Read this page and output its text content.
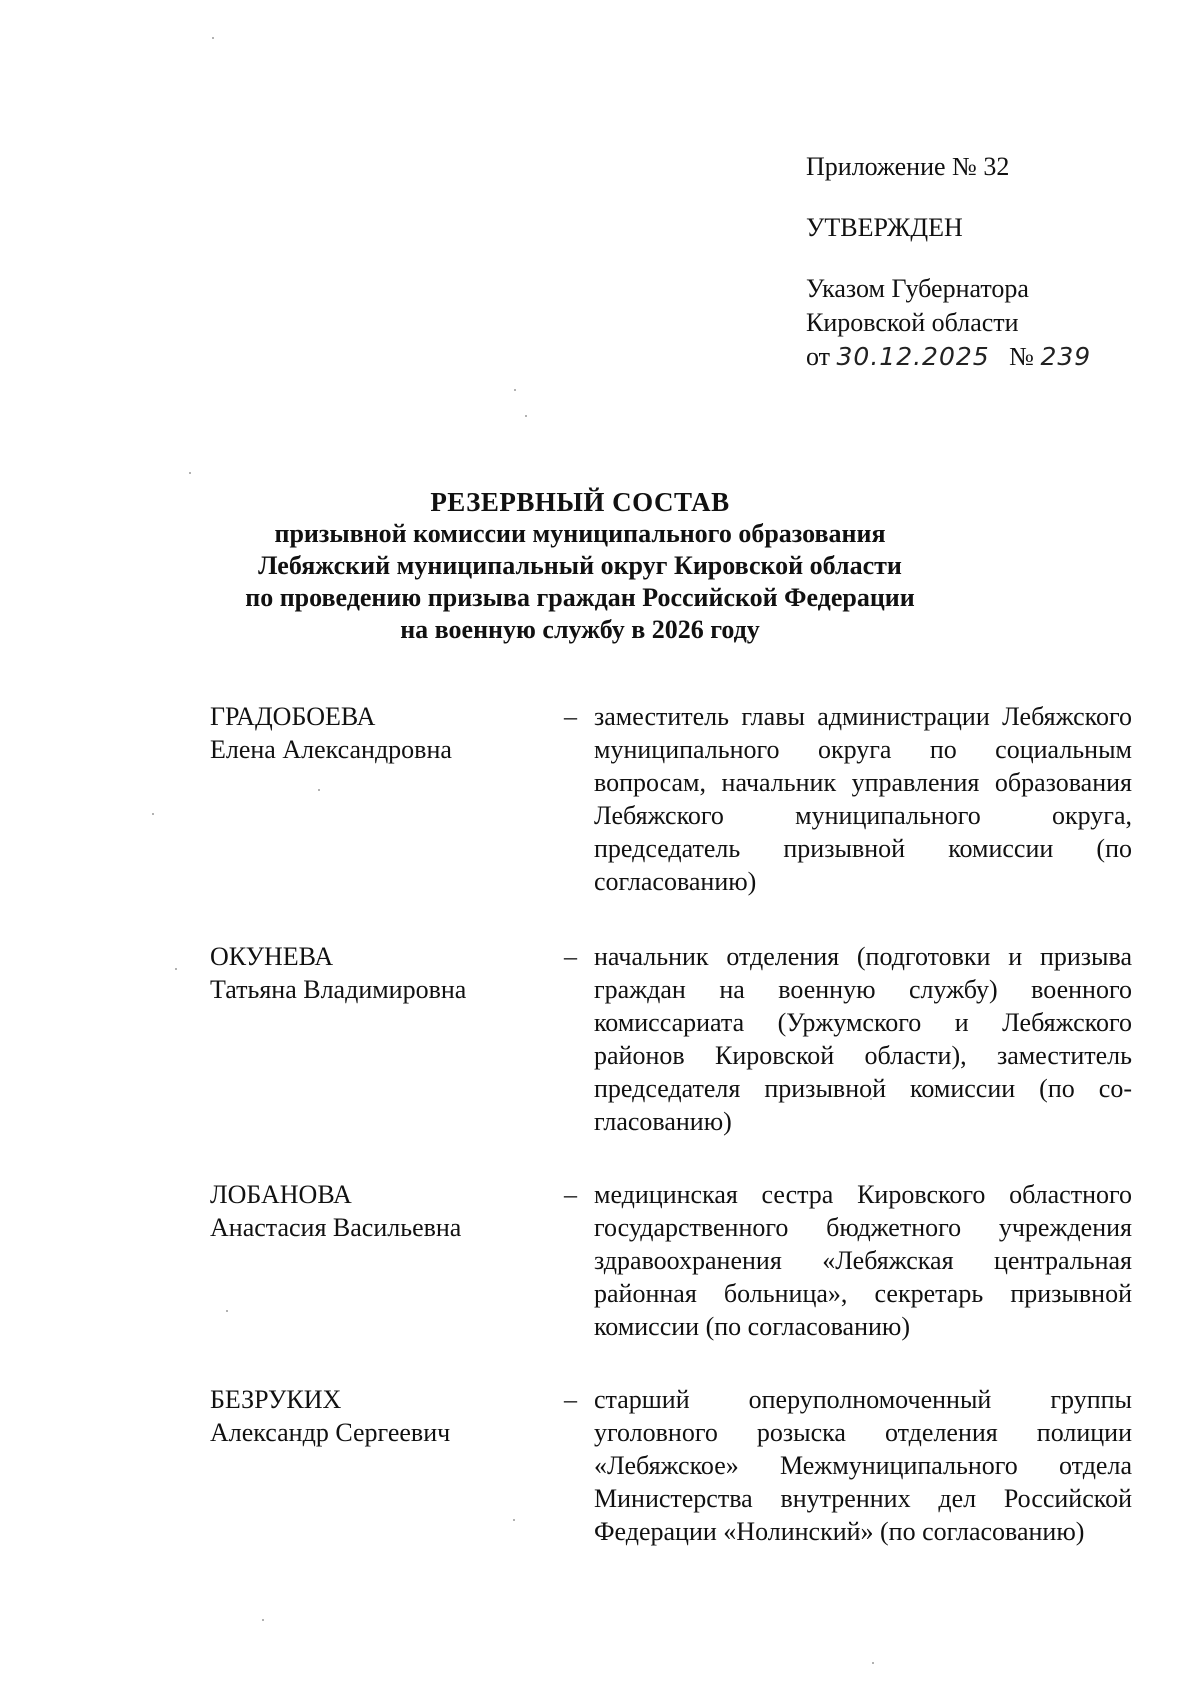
Приложение № 32
УТВЕРЖДЕН
Указом Губернатора
Кировской области
от 30.12.2025 № 239
РЕЗЕРВНЫЙ СОСТАВ
призывной комиссии муниципального образования
Лебяжский муниципальный округ Кировской области
по проведению призыва граждан Российской Федерации
на военную службу в 2026 году
ГРАДОБОЕВА
Елена Александровна
– заместитель главы администрации Лебяжского муниципального округа по социальным вопросам, начальник управления образования Лебяжского муниципального округа, председатель призывной комиссии (по согласованию)
ОКУНЕВА
Татьяна Владимировна
– начальник отделения (подготовки и призыва граждан на военную службу) военного комиссариата (Уржумского и Лебяжского районов Кировской области), заместитель председателя призывной комиссии (по согласованию)
ЛОБАНОВА
Анастасия Васильевна
– медицинская сестра Кировского областного государственного бюджетного учреждения здравоохранения «Лебяжская центральная районная больница», секретарь призывной комиссии (по согласованию)
БЕЗРУКИХ
Александр Сергеевич
– старший оперуполномоченный группы уголовного розыска отделения полиции «Лебяжское» Межмуниципального отдела Министерства внутренних дел Российской Федерации «Нолинский» (по согласованию)
